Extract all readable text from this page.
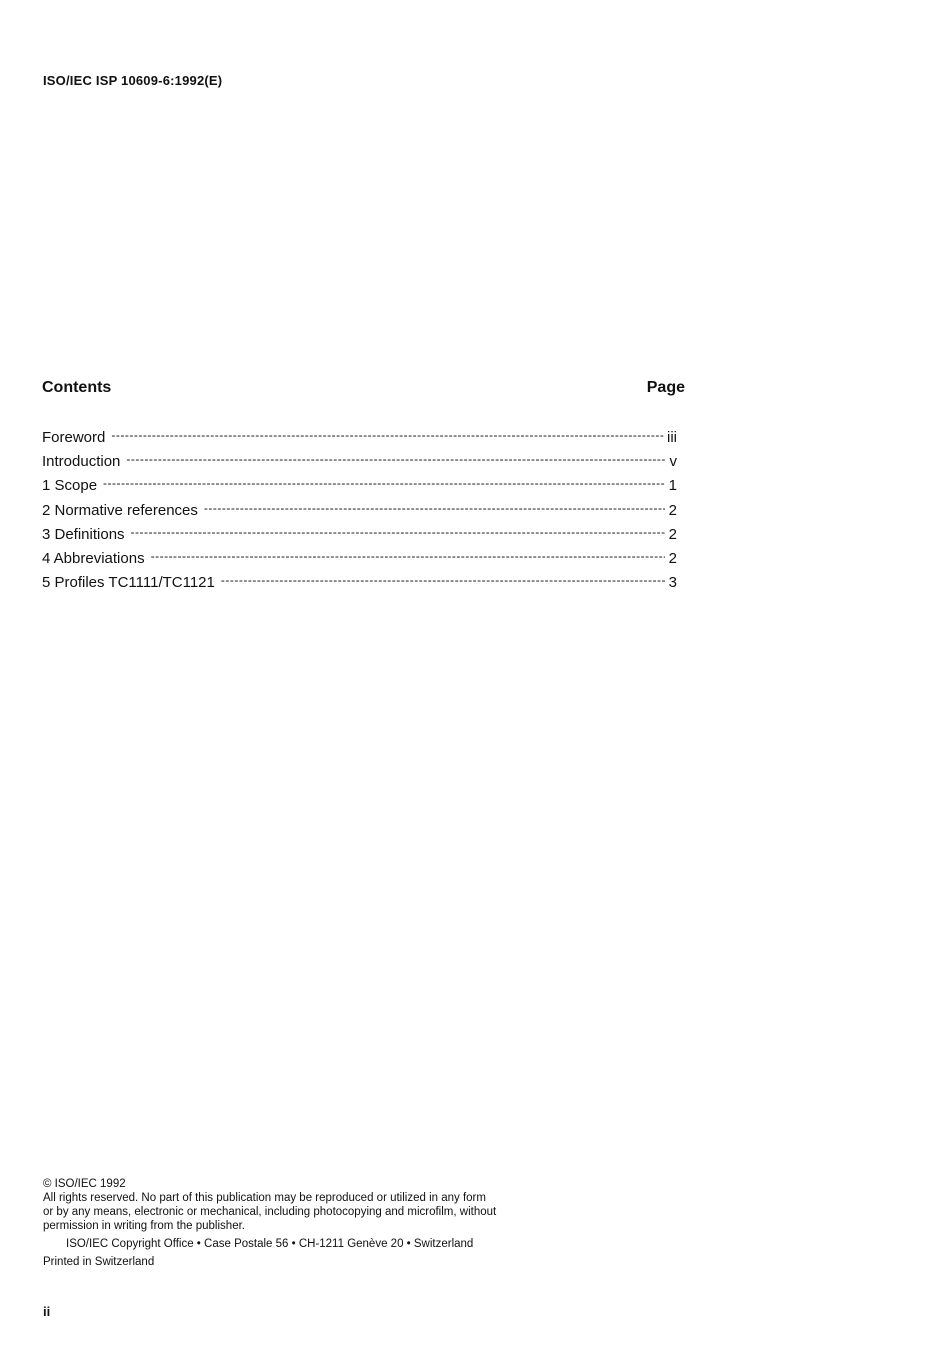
ISO/IEC ISP 10609-6:1992(E)
Contents	Page
Foreword -----	iii
Introduction -----	v
1 Scope -----	1
2 Normative references -----	2
3 Definitions -----	2
4 Abbreviations -----	2
5 Profiles TC1111/TC1121 -----	3
© ISO/IEC 1992
All rights reserved. No part of this publication may be reproduced or utilized in any form
or by any means, electronic or mechanical, including photocopying and microfilm, without
permission in writing from the publisher.
ISO/IEC Copyright Office • Case Postale 56 • CH-1211 Genève 20 • Switzerland
Printed in Switzerland
ii
